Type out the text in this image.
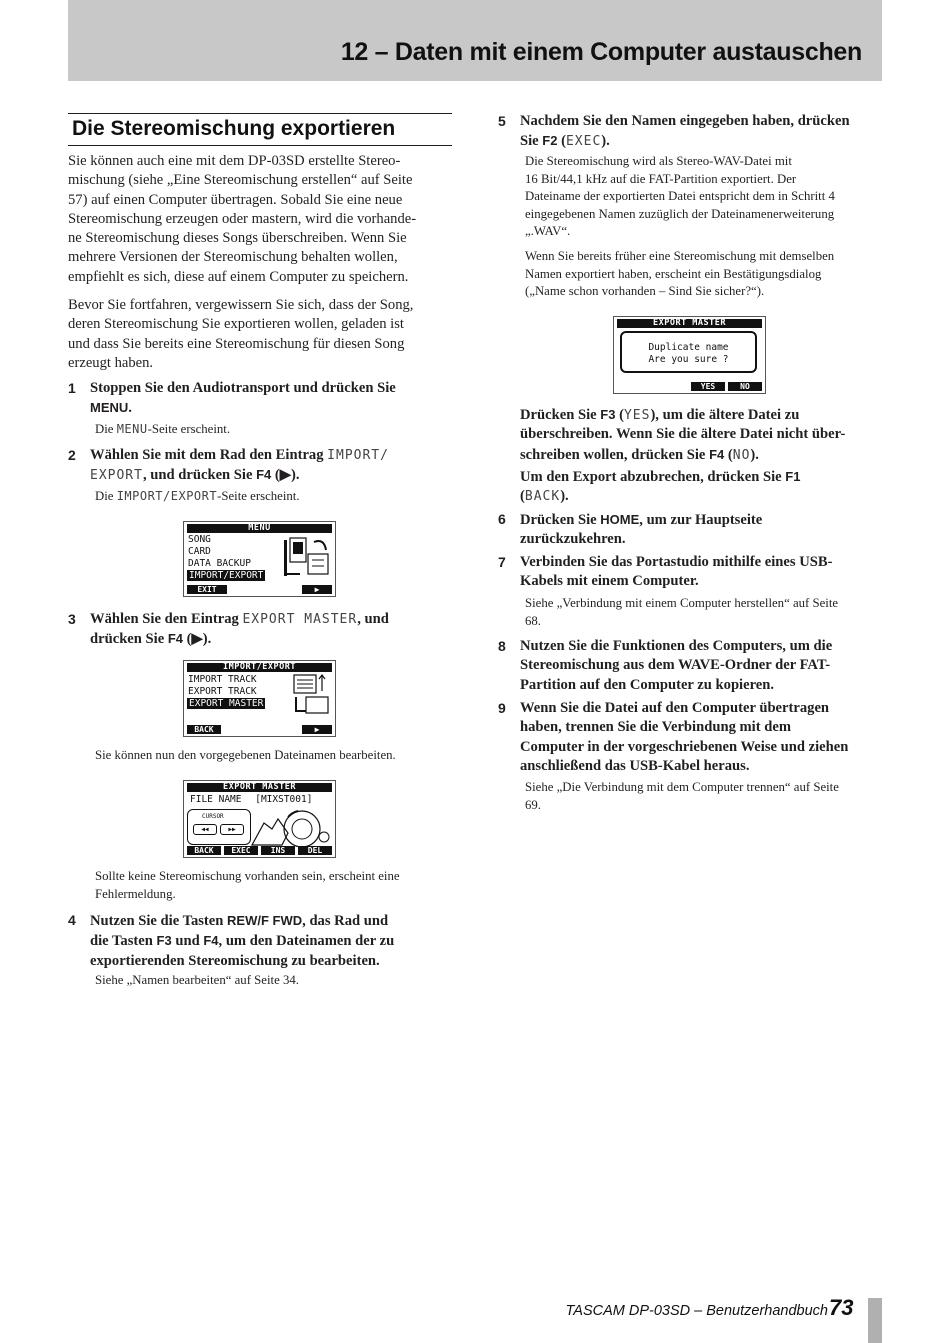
12 – Daten mit einem Computer austauschen
Die Stereomischung exportieren
Sie können auch eine mit dem DP-03SD erstellte Stereo-
mischung (siehe „Eine Stereomischung erstellen“ auf Seite
57) auf einen Computer übertragen. Sobald Sie eine neue
Stereomischung erzeugen oder mastern, wird die vorhande-
ne Stereomischung dieses Songs überschreiben. Wenn Sie
mehrere Versionen der Stereomischung behalten wollen,
empfiehlt es sich, diese auf einem Computer zu speichern.
Bevor Sie fortfahren, vergewissern Sie sich, dass der Song,
deren Stereomischung Sie exportieren wollen, geladen ist
und dass Sie bereits eine Stereomischung für diesen Song
erzeugt haben.
1 Stoppen Sie den Audiotransport und drücken Sie
MENU.
Die MENU-Seite erscheint.
2 Wählen Sie mit dem Rad den Eintrag IMPORT/
EXPORT, und drücken Sie F4 (▶).
Die IMPORT/EXPORT-Seite erscheint.
MENU
SONG
CARD
DATA BACKUP
IMPORT/EXPORT
EXIT	▶
3 Wählen Sie den Eintrag EXPORT MASTER, und
drücken Sie F4 (▶).
IMPORT/EXPORT
IMPORT TRACK
EXPORT TRACK
EXPORT MASTER
BACK	▶
Sie können nun den vorgegebenen Dateinamen bearbeiten.
EXPORT MASTER
FILE NAME [MIXST001]
CURSOR
◀◀	▶▶
BACK	EXEC	INS	DEL
Sollte keine Stereomischung vorhanden sein, erscheint eine
Fehlermeldung.
4 Nutzen Sie die Tasten REW/F FWD, das Rad und
die Tasten F3 und F4, um den Dateinamen der zu
exportierenden Stereomischung zu bearbeiten.
Siehe „Namen bearbeiten“ auf Seite 34.
5 Nachdem Sie den Namen eingegeben haben, drücken
Sie F2 (EXEC).
Die Stereomischung wird als Stereo-WAV-Datei mit
16 Bit/44,1 kHz auf die FAT-Partition exportiert. Der
Dateiname der exportierten Datei entspricht dem in Schritt 4
eingegebenen Namen zuzüglich der Dateinamenerweiterung
„.WAV“.
Wenn Sie bereits früher eine Stereomischung mit demselben
Namen exportiert haben, erscheint ein Bestätigungsdialog
(„Name schon vorhanden – Sind Sie sicher?“).
EXPORT MASTER
Duplicate name
Are you sure ?
YES	NO
Drücken Sie F3 (YES), um die ältere Datei zu
überschreiben. Wenn Sie die ältere Datei nicht über-
schreiben wollen, drücken Sie F4 (NO).
Um den Export abzubrechen, drücken Sie F1
(BACK).
6 Drücken Sie HOME, um zur Hauptseite
zurückzukehren.
7 Verbinden Sie das Portastudio mithilfe eines USB-
Kabels mit einem Computer.
Siehe „Verbindung mit einem Computer herstellen“ auf Seite
68.
8 Nutzen Sie die Funktionen des Computers, um die
Stereomischung aus dem WAVE-Ordner der FAT-
Partition auf den Computer zu kopieren.
9 Wenn Sie die Datei auf den Computer übertragen
haben, trennen Sie die Verbindung mit dem
Computer in der vorgeschriebenen Weise und ziehen
anschließend das USB-Kabel heraus.
Siehe „Die Verbindung mit dem Computer trennen“ auf Seite
69.
TASCAM DP-03SD – Benutzerhandbuch 73
